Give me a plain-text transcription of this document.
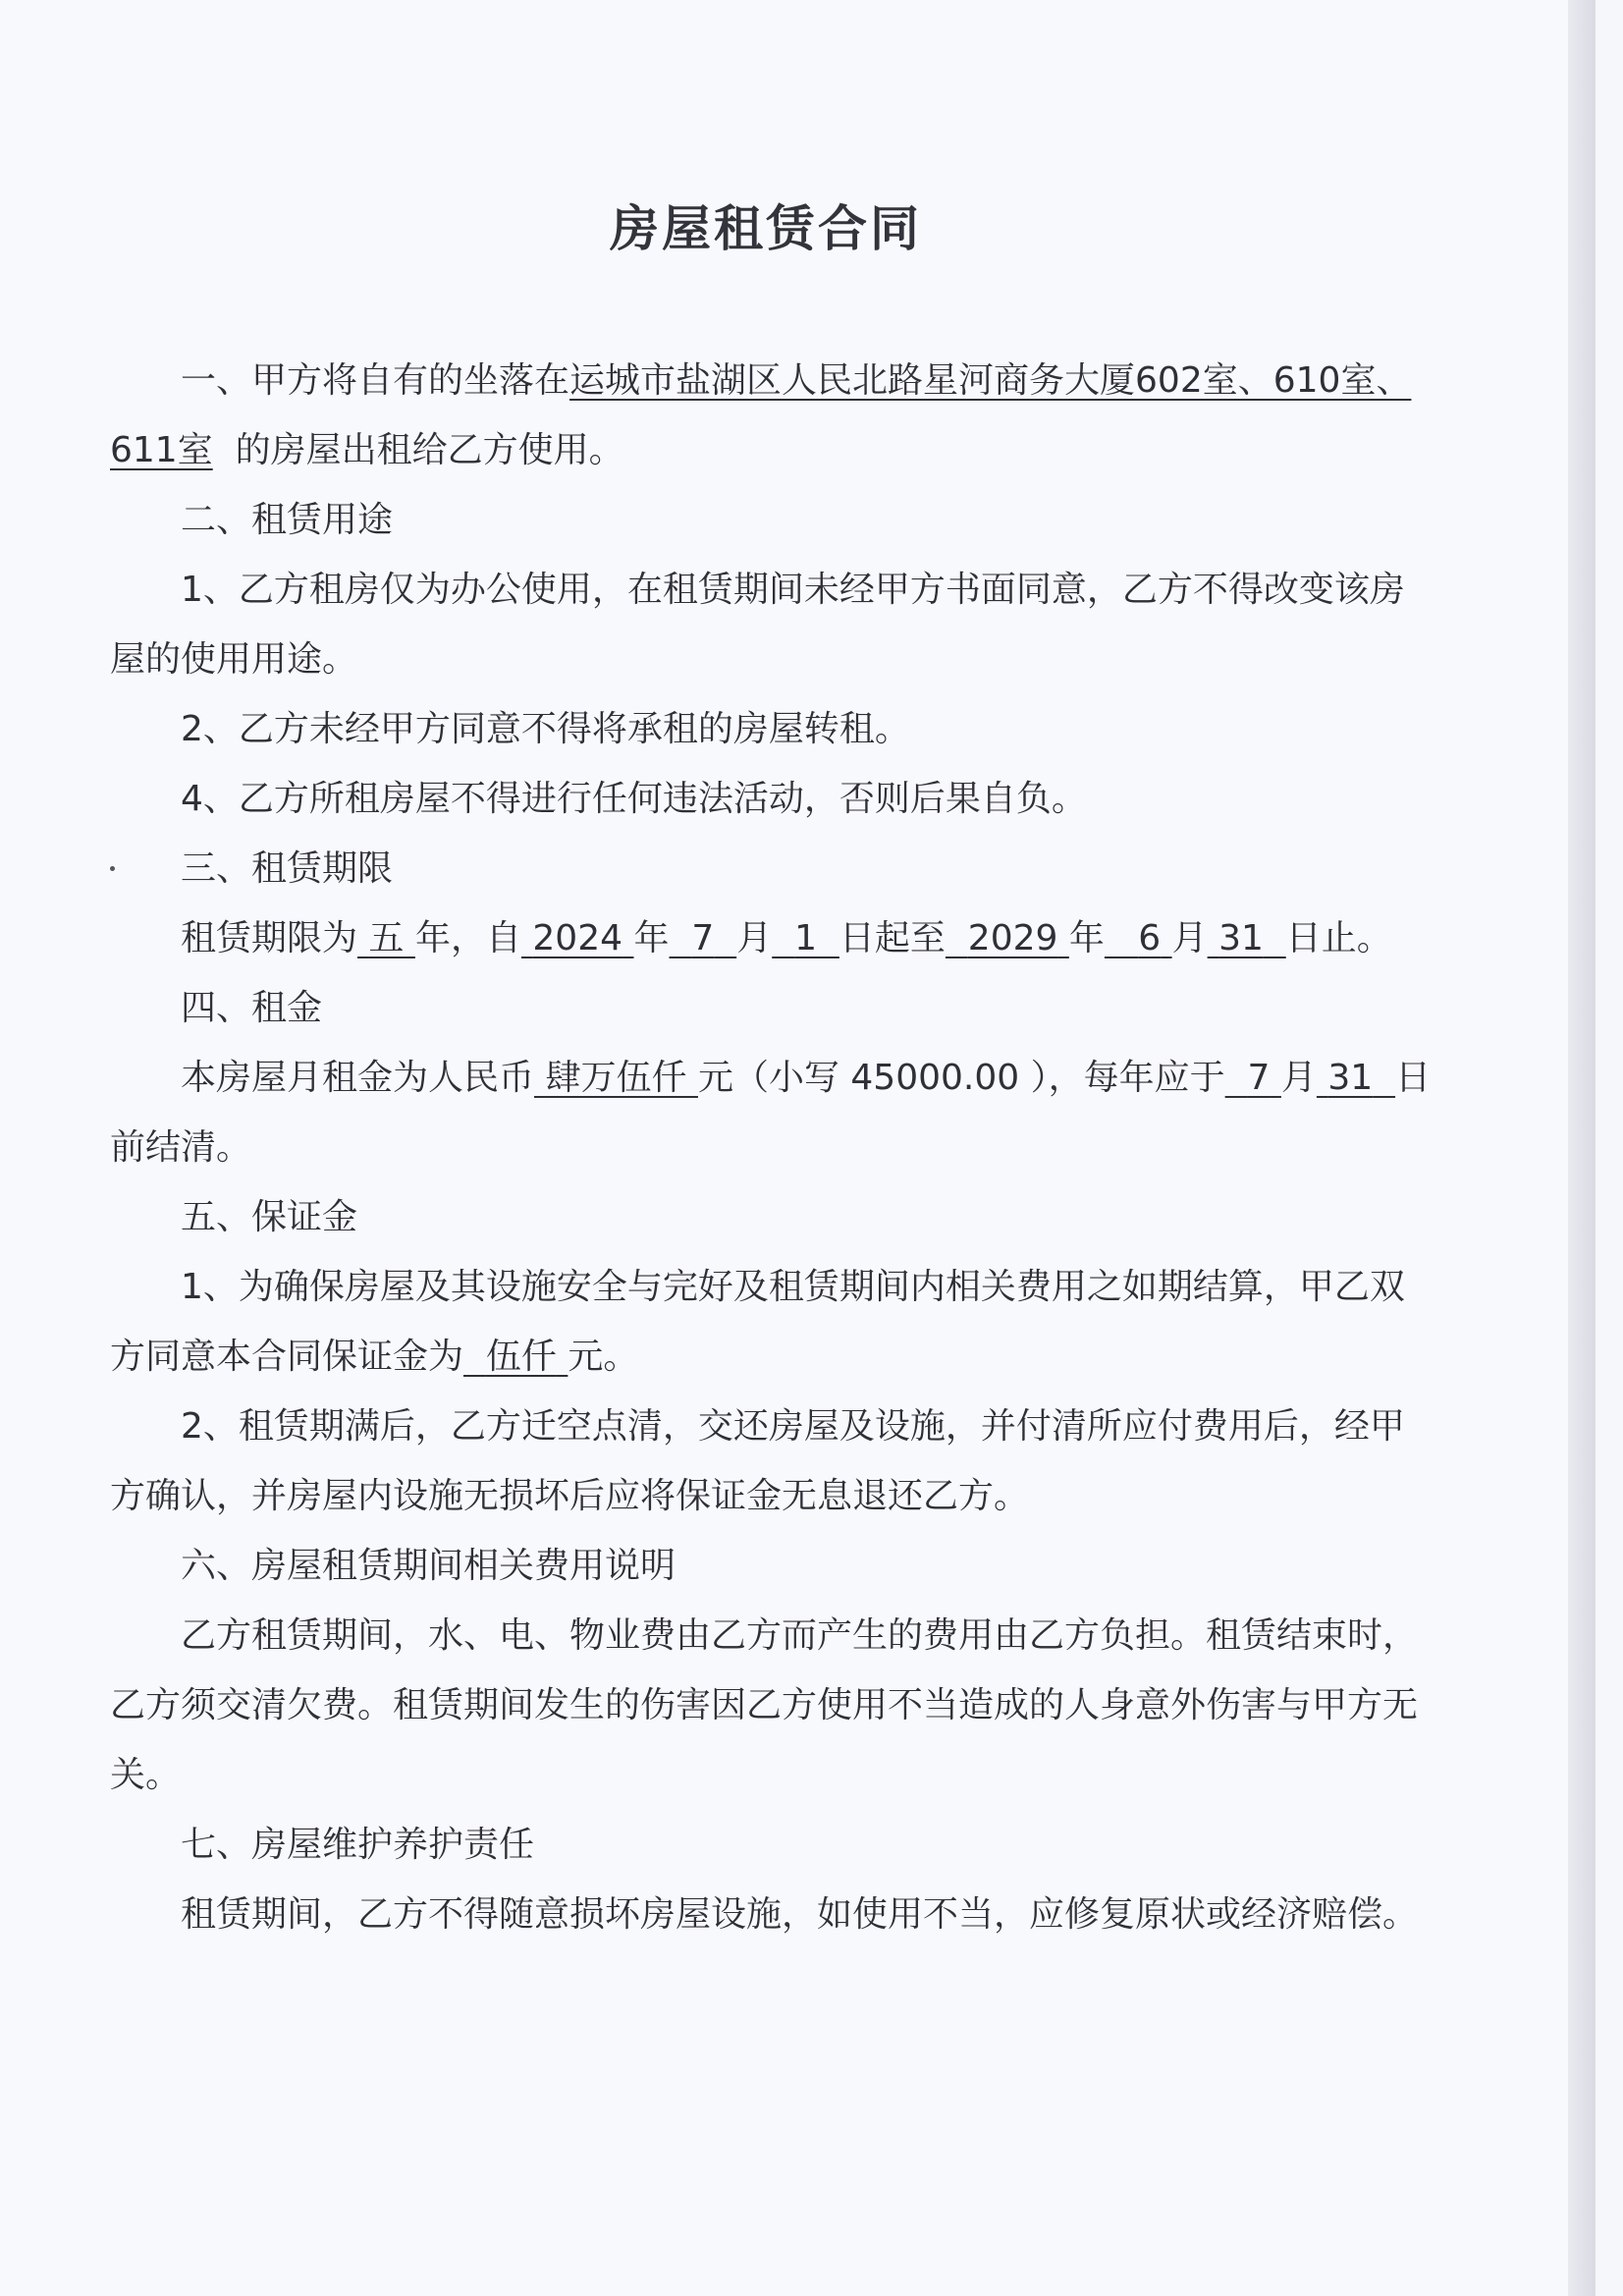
房屋租赁合同

一、甲方将自有的坐落在运城市盐湖区人民北路星河商务大厦602室、610室、611室 的房屋出租给乙方使用。

二、租赁用途

1、乙方租房仅为办公使用，在租赁期间未经甲方书面同意，乙方不得改变该房屋的使用用途。

2、乙方未经甲方同意不得将承租的房屋转租。

4、乙方所租房屋不得进行任何违法活动，否则后果自负。

三、租赁期限

租赁期限为 五 年，自 2024 年 7 月 1 日起至 2029 年 6 月 31 日止。

四、租金

本房屋月租金为人民币 肆万伍仟 元（小写 45000.00 ），每年应于 7 月 31 日前结清。

五、保证金

1、为确保房屋及其设施安全与完好及租赁期间内相关费用之如期结算，甲乙双方同意本合同保证金为 伍仟 元。

2、租赁期满后，乙方迁空点清，交还房屋及设施，并付清所应付费用后，经甲方确认，并房屋内设施无损坏后应将保证金无息退还乙方。

六、房屋租赁期间相关费用说明

乙方租赁期间，水、电、物业费由乙方而产生的费用由乙方负担。租赁结束时，乙方须交清欠费。租赁期间发生的伤害因乙方使用不当造成的人身意外伤害与甲方无关。

七、房屋维护养护责任

租赁期间，乙方不得随意损坏房屋设施，如使用不当，应修复原状或经济赔偿。
